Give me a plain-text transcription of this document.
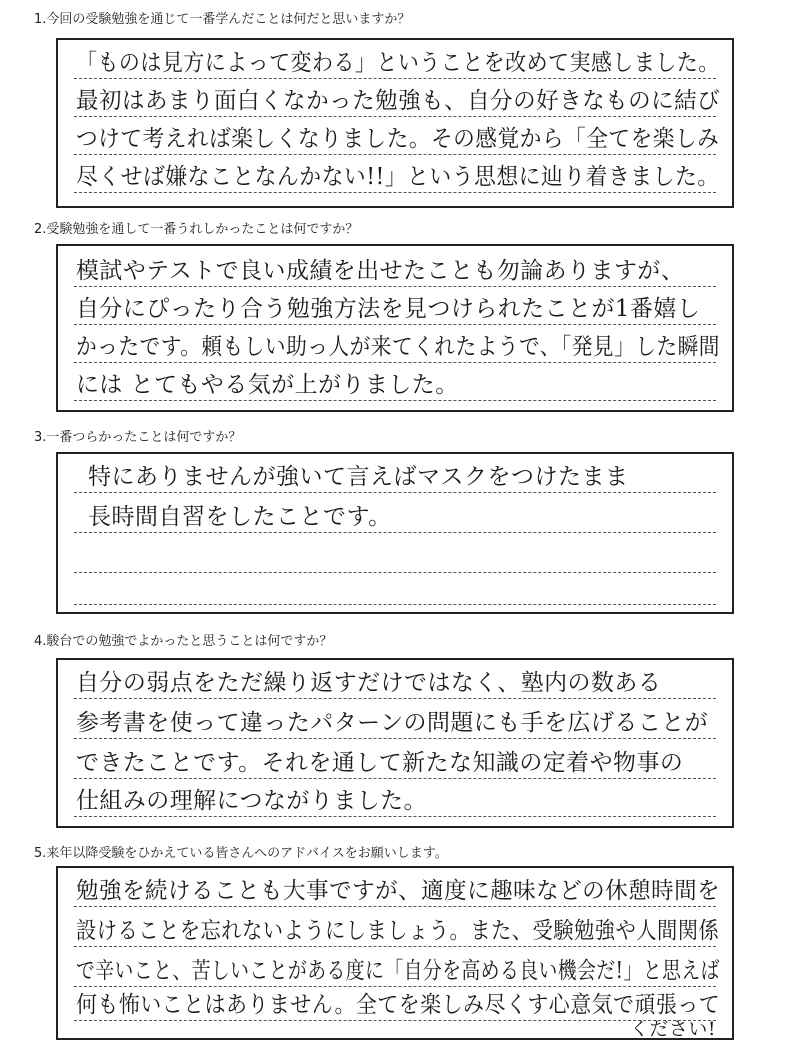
1.今回の受験勉強を通じて一番学んだことは何だと思いますか？
「ものは見方によって変わる」ということを改めて実感しました。
最初はあまり面白くなかった勉強も、自分の好きなものに結び
つけて考えれば楽しくなりました。その感覚から「全てを楽しみ
尽くせば嫌なことなんかない!!」という思想に辿り着きました。
2.受験勉強を通して一番うれしかったことは何ですか？
模試やテストで良い成績を出せたことも勿論ありますが、
自分にぴったり合う勉強方法を見つけられたことが1番嬉し
かったです。頼もしい助っ人が来てくれたようで、「発見」した瞬間
には とてもやる気が上がりました。
3.一番つらかったことは何ですか？
特にありませんが強いて言えばマスクをつけたまま
長時間自習をしたことです。
4.駿台での勉強でよかったと思うことは何ですか？
自分の弱点をただ繰り返すだけではなく、塾内の数ある
参考書を使って違ったパターンの問題にも手を広げることが
できたことです。それを通して新たな知識の定着や物事の
仕組みの理解につながりました。
5.来年以降受験をひかえている皆さんへのアドバイスをお願いします。
勉強を続けることも大事ですが、適度に趣味などの休憩時間を
設けることを忘れないようにしましょう。また、受験勉強や人間関係
で辛いこと、苦しいことがある度に「自分を高める良い機会だ!」と思えば
何も怖いことはありません。全てを楽しみ尽くす心意気で頑張って
ください!
